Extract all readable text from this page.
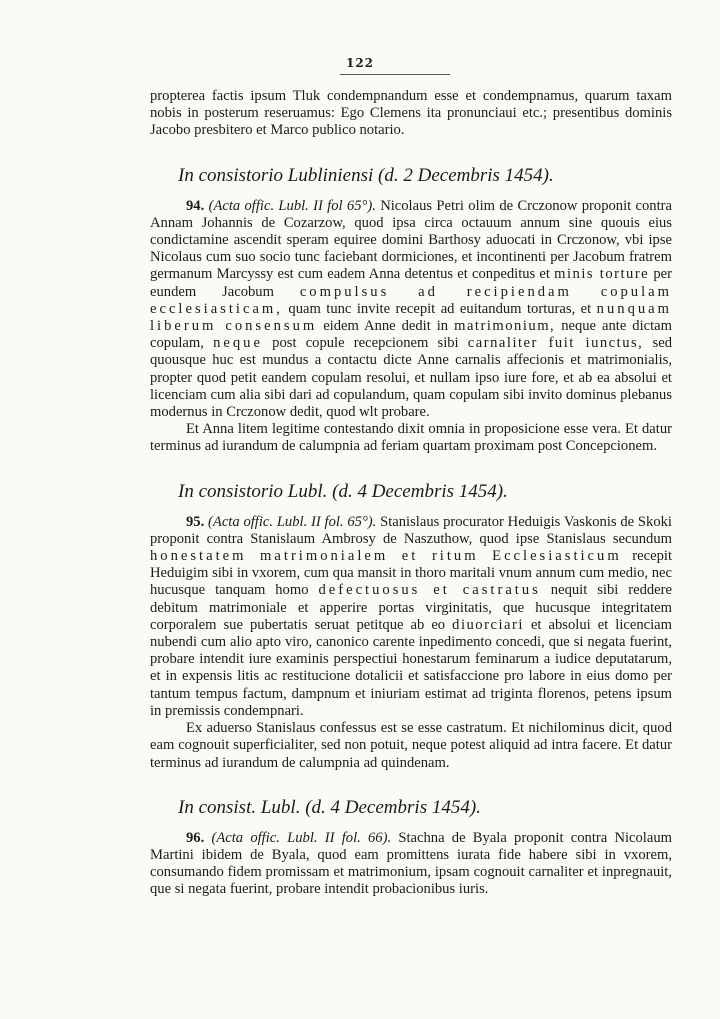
122

propterea factis ipsum Tluk condempnandum esse et condempnamus, quarum taxam nobis in posterum reseruamus: Ego Clemens ita pronunciaui etc.; presentibus dominis Jacobo presbitero et Marco publico notario.

In consistorio Lubliniensi (d. 2 Decembris 1454).

94. (Acta offic. Lubl. II fol 65°). Nicolaus Petri olim de Crczonow proponit contra Annam Johannis de Cozarzow, quod ipsa circa octauum annum sine quouis eius condictamine ascendit speram equiree domini Barthosy aduocati in Crczonow, vbi ipse Nicolaus cum suo socio tunc faciebant dormiciones, et incontinenti per Jacobum fratrem germanum Marcyssy est cum eadem Anna detentus et conpeditus et minis torture per eundem Jacobum compulsus ad recipiendam copulam ecclesiasticam, quam tunc invite recepit ad euitandum torturas, et nunquam liberum consensum eidem Anne dedit in matrimonium, neque ante dictam copulam, neque post copule recepcionem sibi carnaliter fuit iunctus, sed quousque huc est mundus a contactu dicte Anne carnalis affecionis et matrimonialis, propter quod petit eandem copulam resolui, et nullam ipso iure fore, et ab ea absolui et licenciam cum alia sibi dari ad copulandum, quam copulam sibi invito dominus plebanus modernus in Crczonow dedit, quod wlt probare.

Et Anna litem legitime contestando dixit omnia in proposicione esse vera. Et datur terminus ad iurandum de calumpnia ad feriam quartam proximam post Concepcionem.

In consistorio Lubl. (d. 4 Decembris 1454).

95. (Acta offic. Lubl. II fol. 65°). Stanislaus procurator Heduigis Vaskonis de Skoki proponit contra Stanislaum Ambrosy de Naszuthow, quod ipse Stanislaus secundum honestatem matrimonialem et ritum Ecclesiasticum recepit Heduigim sibi in vxorem, cum qua mansit in thoro maritali vnum annum cum medio, nec hucusque tanquam homo defectuosus et castratus nequit sibi reddere debitum matrimoniale et apperire portas virginitatis, que hucusque integritatem corporalem sue pubertatis seruat petitque ab eo diuorciari et absolui et licenciam nubendi cum alio apto viro, canonico carente inpedimento concedi, que si negata fuerint, probare intendit iure examinis perspectiui honestarum feminarum a iudice deputatarum, et in expensis litis ac restitucione dotalicii et satisfaccione pro labore in eius domo per tantum tempus factum, dampnum et iniuriam estimat ad triginta florenos, petens ipsum in premissis condempnari.

Ex aduerso Stanislaus confessus est se esse castratum. Et nichilominus dicit, quod eam cognouit superficialiter, sed non potuit, neque potest aliquid ad intra facere. Et datur terminus ad iurandum de calumpnia ad quindenam.

In consist. Lubl. (d. 4 Decembris 1454).

96. (Acta offic. Lubl. II fol. 66). Stachna de Byala proponit contra Nicolaum Martini ibidem de Byala, quod eam promittens iurata fide habere sibi in vxorem, consumando fidem promissam et matrimonium, ipsam cognouit carnaliter et inpregnauit, que si negata fuerint, probare intendit probacionibus iuris.
